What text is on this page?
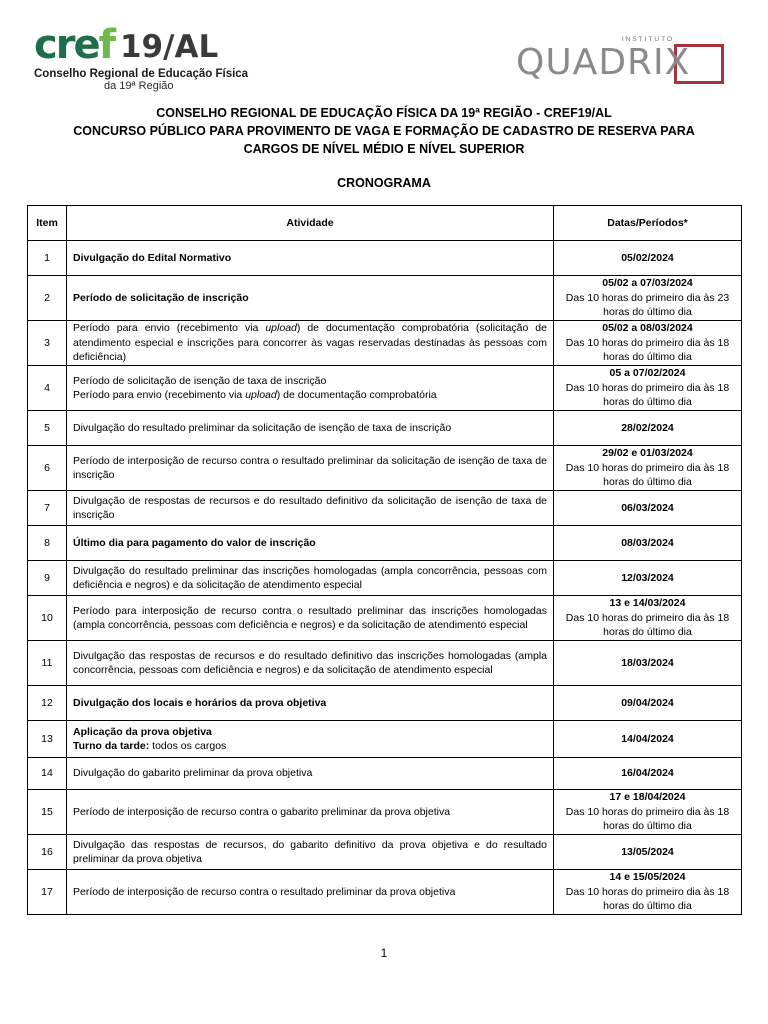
cref 19/AL
Conselho Regional de Educação Física
da 19ª Região
INSTITUTO
QUADRIX
CONSELHO REGIONAL DE EDUCAÇÃO FÍSICA DA 19ª REGIÃO - CREF19/AL
CONCURSO PÚBLICO PARA PROVIMENTO DE VAGA E FORMAÇÃO DE CADASTRO DE RESERVA PARA
CARGOS DE NÍVEL MÉDIO E NÍVEL SUPERIOR
CRONOGRAMA
Item	Atividade	Datas/Períodos*
1	Divulgação do Edital Normativo	05/02/2024

2	Período de solicitação de inscrição	05/02 a 07/03/2024
Das 10 horas do primeiro dia às 23 horas do último dia

3	Período para envio (recebimento via upload) de documentação comprobatória (solicitação de atendimento especial e inscrições para concorrer às vagas reservadas destinadas às pessoas com deficiência)	05/02 a 08/03/2024
Das 10 horas do primeiro dia às 18 horas do último dia

4	Período de solicitação de isenção de taxa de inscrição
Período para envio (recebimento via upload) de documentação comprobatória	05 a 07/02/2024
Das 10 horas do primeiro dia às 18 horas do último dia

5	Divulgação do resultado preliminar da solicitação de isenção de taxa de inscrição	28/02/2024

6	Período de interposição de recurso contra o resultado preliminar da solicitação de isenção de taxa de inscrição	29/02 e 01/03/2024
Das 10 horas do primeiro dia às 18 horas do último dia

7	Divulgação de respostas de recursos e do resultado definitivo da solicitação de isenção de taxa de inscrição	06/03/2024

8	Último dia para pagamento do valor de inscrição	08/03/2024

9	Divulgação do resultado preliminar das inscrições homologadas (ampla concorrência, pessoas com deficiência e negros) e da solicitação de atendimento especial	12/03/2024

10	Período para interposição de recurso contra o resultado preliminar das inscrições homologadas (ampla concorrência, pessoas com deficiência e negros) e da solicitação de atendimento especial	13 e 14/03/2024
Das 10 horas do primeiro dia às 18 horas do último dia

11	Divulgação das respostas de recursos e do resultado definitivo das inscrições homologadas (ampla concorrência, pessoas com deficiência e negros) e da solicitação de atendimento especial	18/03/2024

12	Divulgação dos locais e horários da prova objetiva	09/04/2024

13	Aplicação da prova objetiva
Turno da tarde: todos os cargos	14/04/2024

14	Divulgação do gabarito preliminar da prova objetiva	16/04/2024

15	Período de interposição de recurso contra o gabarito preliminar da prova objetiva	17 e 18/04/2024
Das 10 horas do primeiro dia às 18 horas do último dia

16	Divulgação das respostas de recursos, do gabarito definitivo da prova objetiva e do resultado preliminar da prova objetiva	13/05/2024

17	Período de interposição de recurso contra o resultado preliminar da prova objetiva	14 e 15/05/2024
Das 10 horas do primeiro dia às 18 horas do último dia
1
